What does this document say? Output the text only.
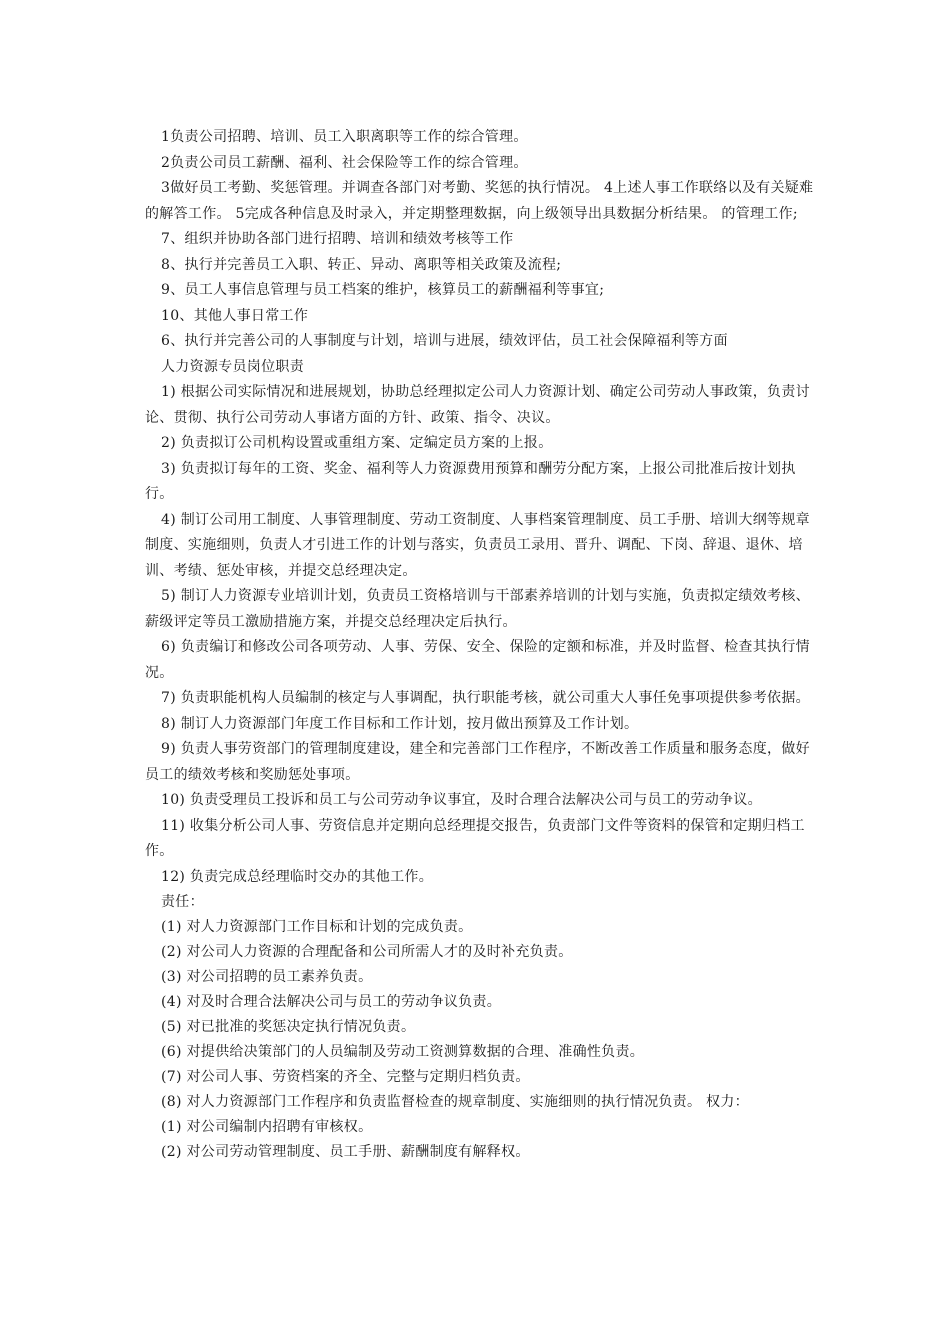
1负责公司招聘、培训、员工入职离职等工作的综合管理。

2负责公司员工薪酬、福利、社会保险等工作的综合管理。

3做好员工考勤、奖惩管理。并调查各部门对考勤、奖惩的执行情况。 4上述人事工作联络以及有关疑难的解答工作。 5完成各种信息及时录入，并定期整理数据，向上级领导出具数据分析结果。 的管理工作;

7、组织并协助各部门进行招聘、培训和绩效考核等工作

8、执行并完善员工入职、转正、异动、离职等相关政策及流程;

9、员工人事信息管理与员工档案的维护，核算员工的薪酬福利等事宜;

10、其他人事日常工作

6、执行并完善公司的人事制度与计划，培训与进展，绩效评估，员工社会保障福利等方面

人力资源专员岗位职责

1) 根据公司实际情况和进展规划，协助总经理拟定公司人力资源计划、确定公司劳动人事政策，负责讨论、贯彻、执行公司劳动人事诸方面的方针、政策、指令、决议。

2) 负责拟订公司机构设置或重组方案、定编定员方案的上报。

3) 负责拟订每年的工资、奖金、福利等人力资源费用预算和酬劳分配方案，上报公司批准后按计划执行。

4) 制订公司用工制度、人事管理制度、劳动工资制度、人事档案管理制度、员工手册、培训大纲等规章制度、实施细则，负责人才引进工作的计划与落实，负责员工录用、晋升、调配、下岗、辞退、退休、培训、考绩、惩处审核，并提交总经理决定。

5) 制订人力资源专业培训计划，负责员工资格培训与干部素养培训的计划与实施，负责拟定绩效考核、薪级评定等员工激励措施方案，并提交总经理决定后执行。

6) 负责编订和修改公司各项劳动、人事、劳保、安全、保险的定额和标准，并及时监督、检查其执行情况。

7) 负责职能机构人员编制的核定与人事调配，执行职能考核，就公司重大人事任免事项提供参考依据。

8) 制订人力资源部门年度工作目标和工作计划，按月做出预算及工作计划。

9) 负责人事劳资部门的管理制度建设，建全和完善部门工作程序，不断改善工作质量和服务态度，做好员工的绩效考核和奖励惩处事项。

10) 负责受理员工投诉和员工与公司劳动争议事宜，及时合理合法解决公司与员工的劳动争议。

11) 收集分析公司人事、劳资信息并定期向总经理提交报告，负责部门文件等资料的保管和定期归档工作。

12) 负责完成总经理临时交办的其他工作。

责任：

(1) 对人力资源部门工作目标和计划的完成负责。

(2) 对公司人力资源的合理配备和公司所需人才的及时补充负责。

(3) 对公司招聘的员工素养负责。

(4) 对及时合理合法解决公司与员工的劳动争议负责。

(5) 对已批准的奖惩决定执行情况负责。

(6) 对提供给决策部门的人员编制及劳动工资测算数据的合理、准确性负责。

(7) 对公司人事、劳资档案的齐全、完整与定期归档负责。

(8) 对人力资源部门工作程序和负责监督检查的规章制度、实施细则的执行情况负责。 权力：

(1) 对公司编制内招聘有审核权。

(2) 对公司劳动管理制度、员工手册、薪酬制度有解释权。
